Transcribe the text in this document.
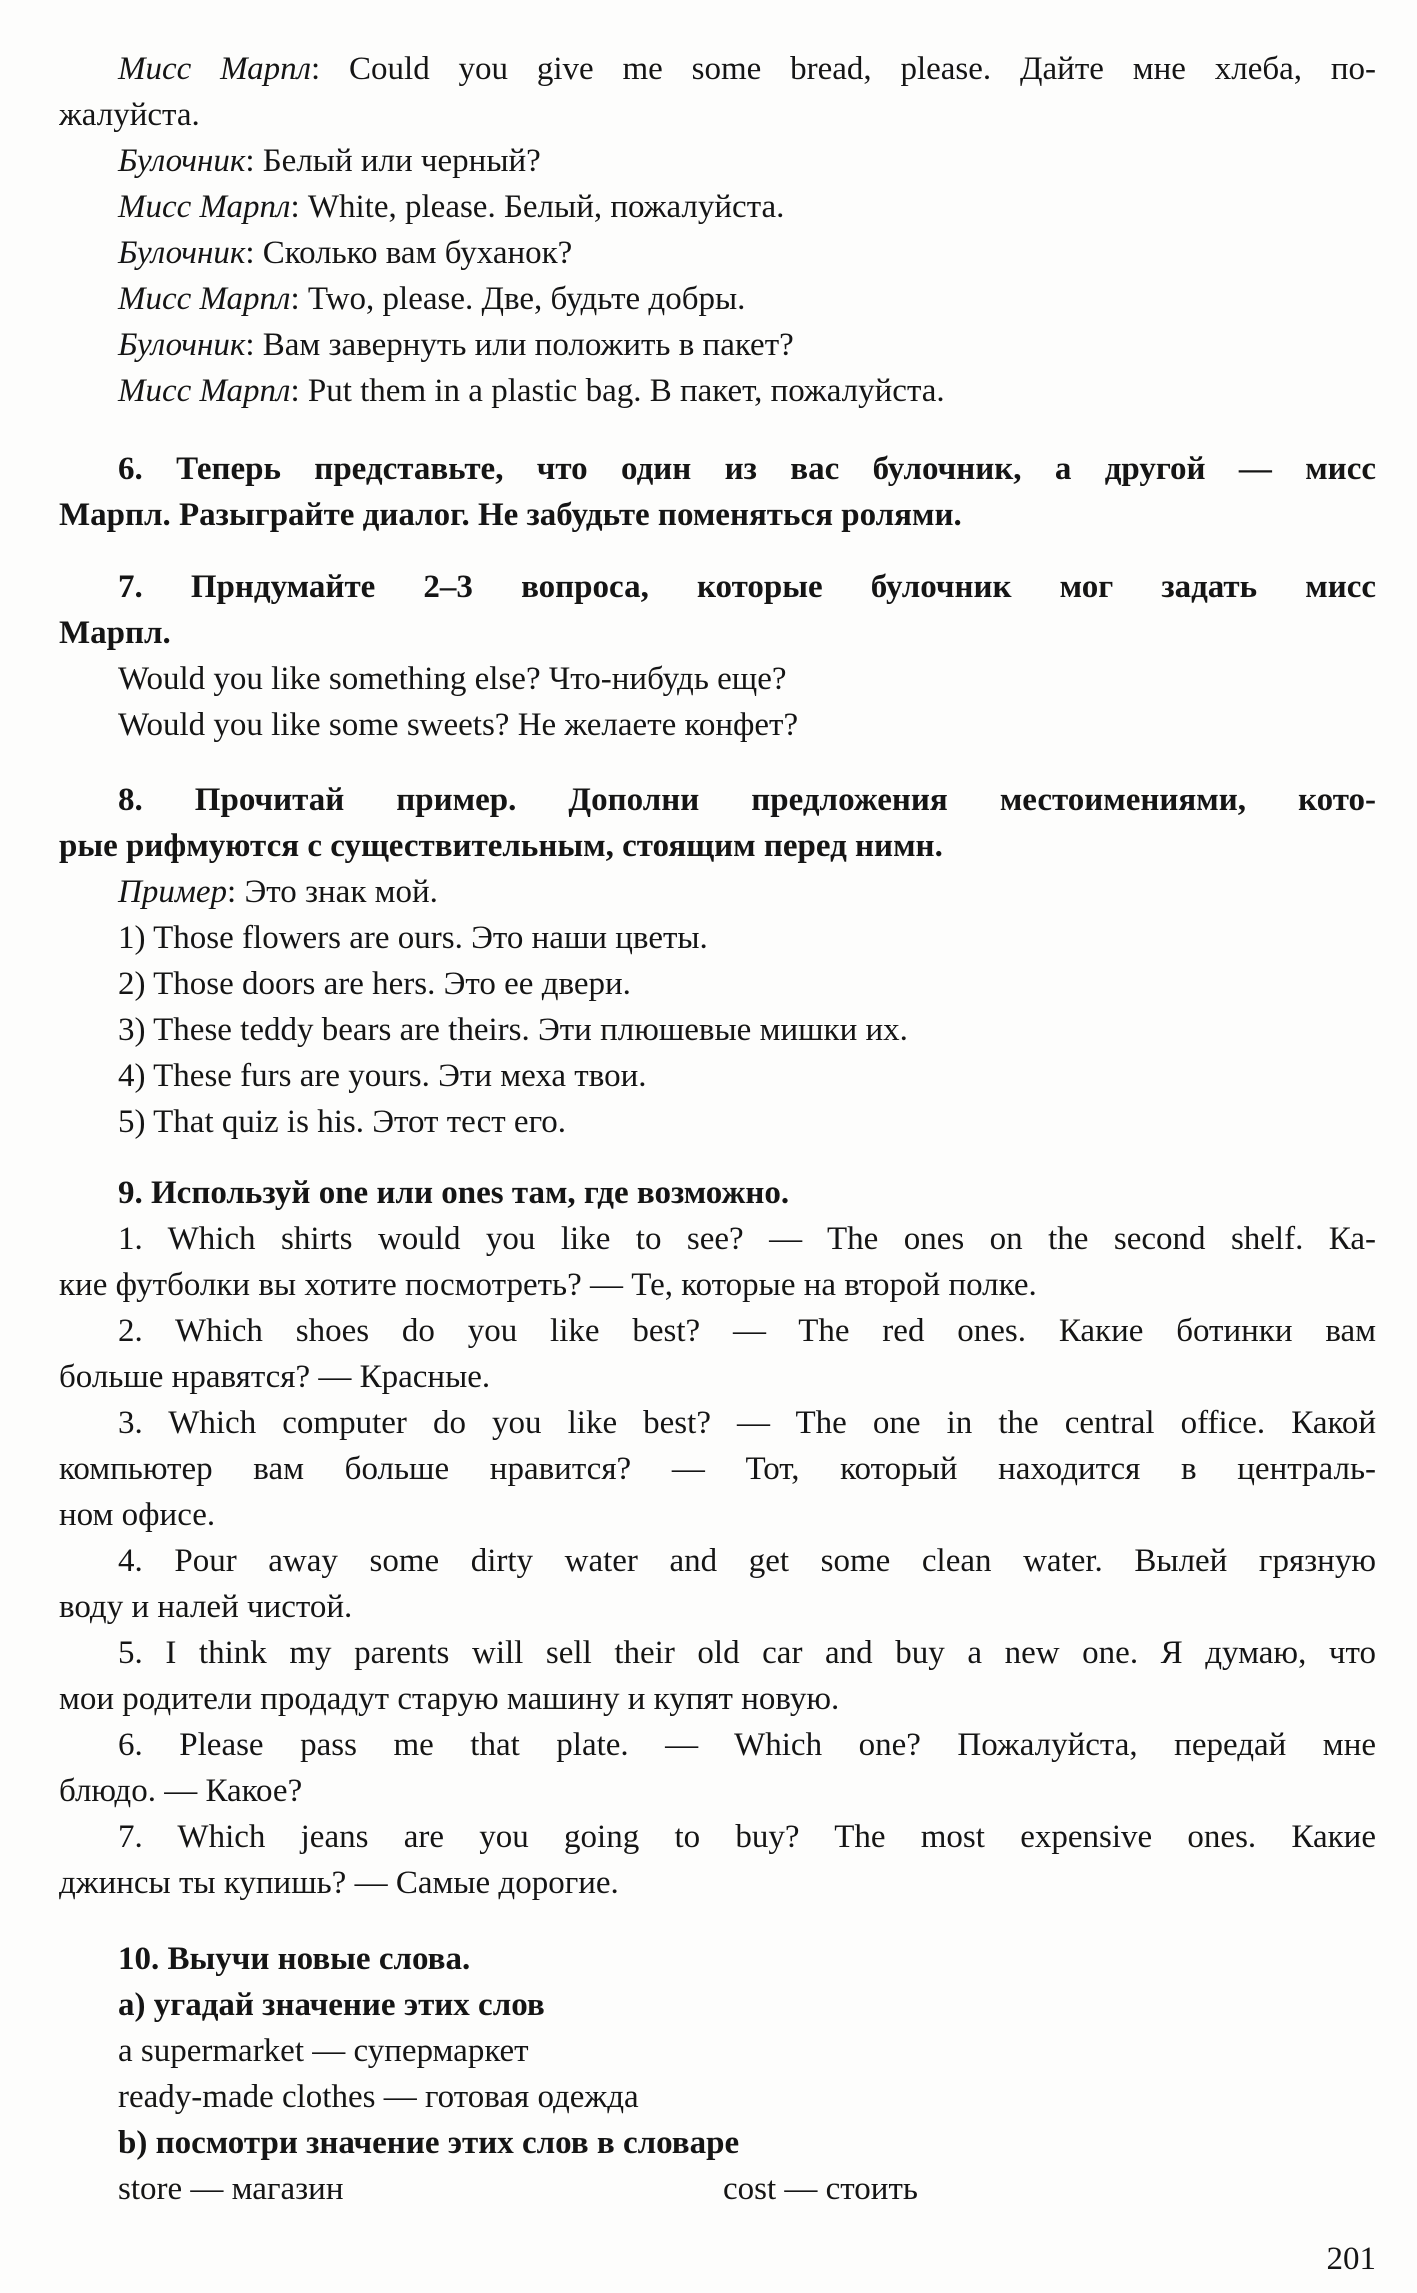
Мисс Марпл: Could you give me some bread, please. Дайте мне хлеба, по-
жалуйста.
Булочник: Белый или черный?
Мисс Марпл: White, please. Белый, пожалуйста.
Булочник: Сколько вам буханок?
Мисс Марпл: Two, please. Две, будьте добры.
Булочник: Вам завернуть или положить в пакет?
Мисс Марпл: Put them in a plastic bag. В пакет, пожалуйста.
6. Теперь представьте, что один из вас булочник, а другой — мисс
Марпл. Разыграйте диалог. Не забудьте поменяться ролями.
7. Прндумайте 2–3 вопроса, которые булочник мог задать мисс
Марпл.
Would you like something else? Что-нибудь еще?
Would you like some sweets? Не желаете конфет?
8. Прочитай пример. Дополни предложения местоимениями, кото-
рые рифмуются с существительным, стоящим перед нимн.
Пример: Это знак мой.
1) Those flowers are ours. Это наши цветы.
2) Those doors are hers. Это ее двери.
3) These teddy bears are theirs. Эти плюшевые мишки их.
4) These furs are yours. Эти меха твои.
5) That quiz is his. Этот тест его.
9. Используй one или ones там, где возможно.
1. Which shirts would you like to see? — The ones on the second shelf. Ка-
кие футболки вы хотите посмотреть? — Те, которые на второй полке.
2. Which shoes do you like best? — The red ones. Какие ботинки вам
больше нравятся? — Красные.
3. Which computer do you like best? — The one in the central office. Какой
компьютер вам больше нравится? — Тот, который находится в централь-
ном офисе.
4. Pour away some dirty water and get some clean water. Вылей грязную
воду и налей чистой.
5. I think my parents will sell their old car and buy a new one. Я думаю, что
мои родители продадут старую машину и купят новую.
6. Please pass me that plate. — Which one? Пожалуйста, передай мне
блюдо. — Какое?
7. Which jeans are you going to buy? The most expensive ones. Какие
джинсы ты купишь? — Самые дорогие.
10. Выучи новые слова.
a) угадай значение этих слов
a supermarket — супермаркет
ready-made clothes — готовая одежда
b) посмотри значение этих слов в словаре
store — магазин	cost — стоить
201
